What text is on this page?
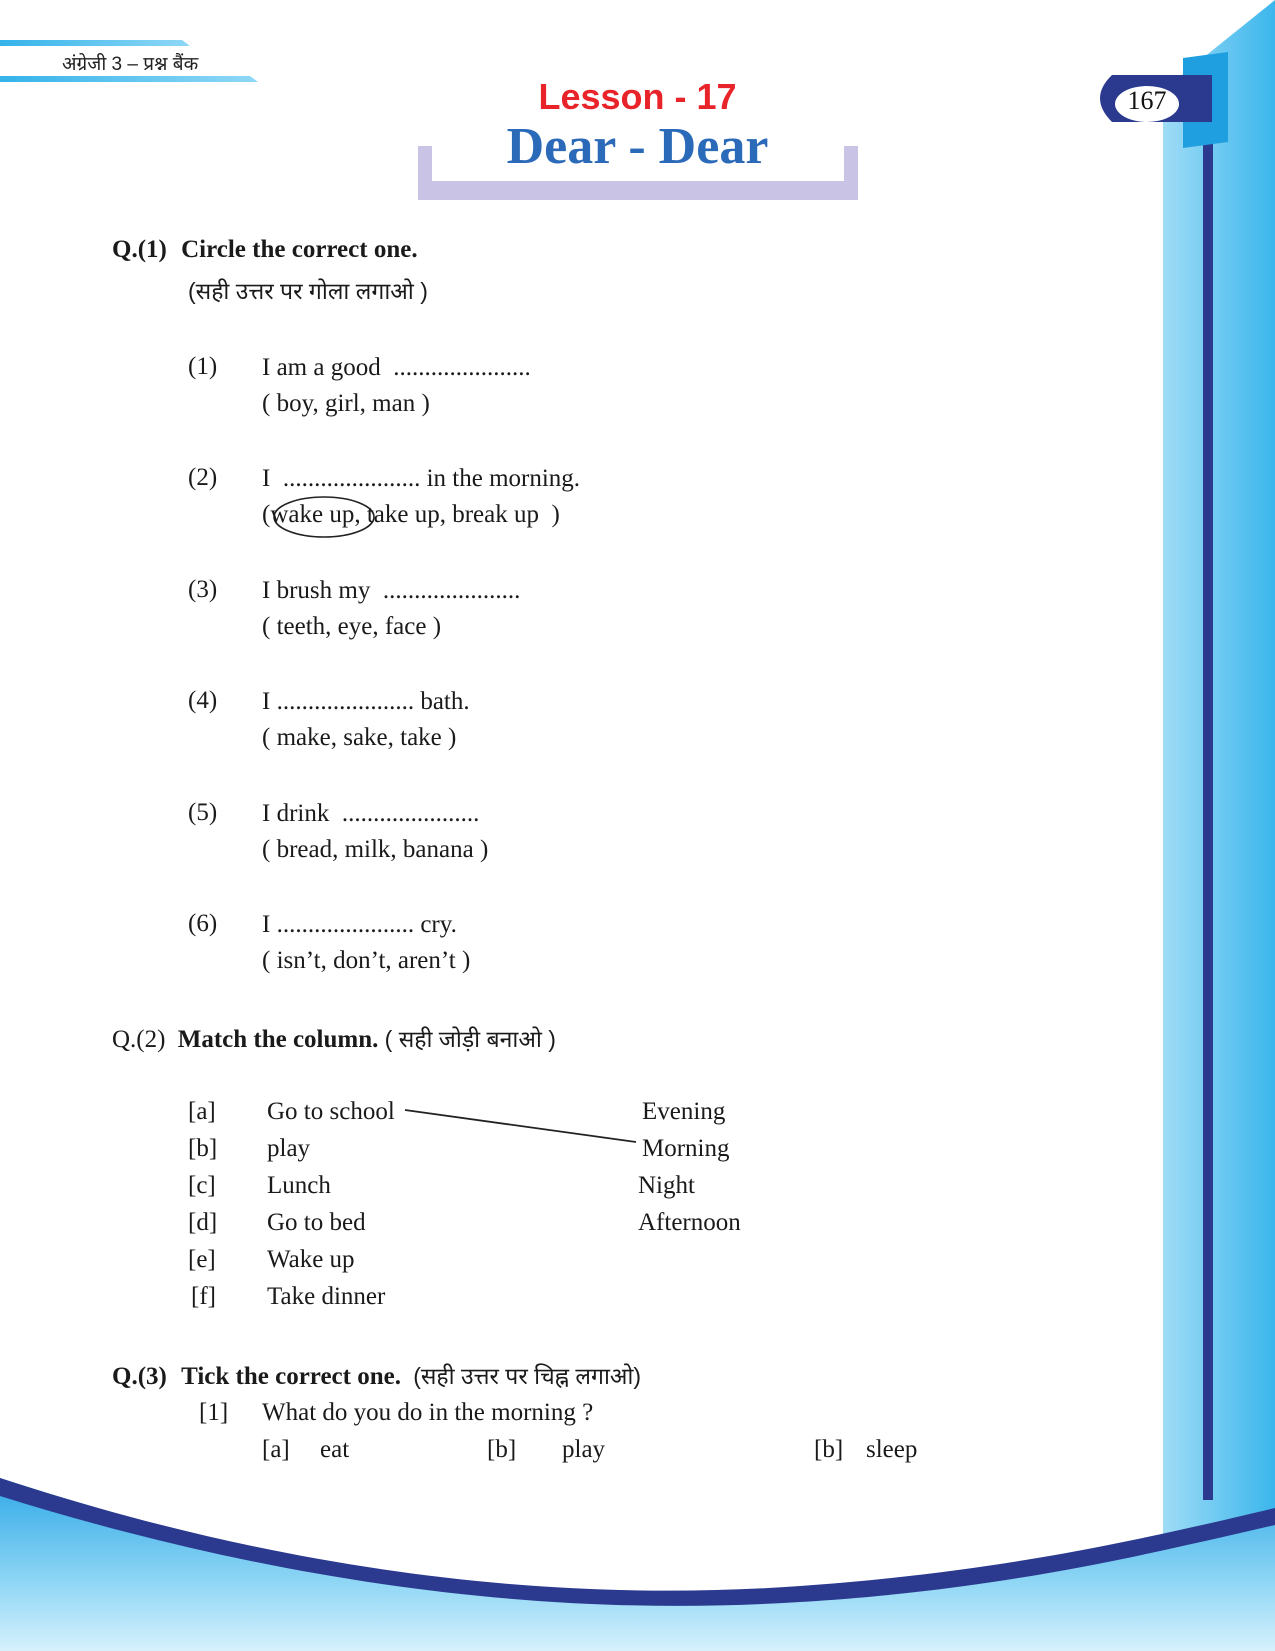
अंग्रेजी 3 – प्रश्न बैंक
167
Lesson - 17
Dear - Dear
Q.(1) Circle the correct one.
(सही उत्तर पर गोला लगाओ )
(1) I am a good  ......................
( boy, girl, man )
(2) I  ...................... in the morning.
(wake up, take up, break up  )
(3) I brush my  ......................
( teeth, eye, face )
(4) I ...................... bath.
( make, sake, take )
(5) I drink  ......................
( bread, milk, banana )
(6) I ...................... cry.
( isn’t, don’t, aren’t )
Q.(2) Match the column. ( सही जोड़ी बनाओ )
[a] Go to school
[b] play
[c] Lunch
[d] Go to bed
[e] Wake up
[f] Take dinner
Evening
Morning
Night
Afternoon
Q.(3) Tick the correct one. (सही उत्तर पर चिह्न लगाओ)
[1] What do you do in the morning ?
[a] eat	[b] play	[b] sleep
